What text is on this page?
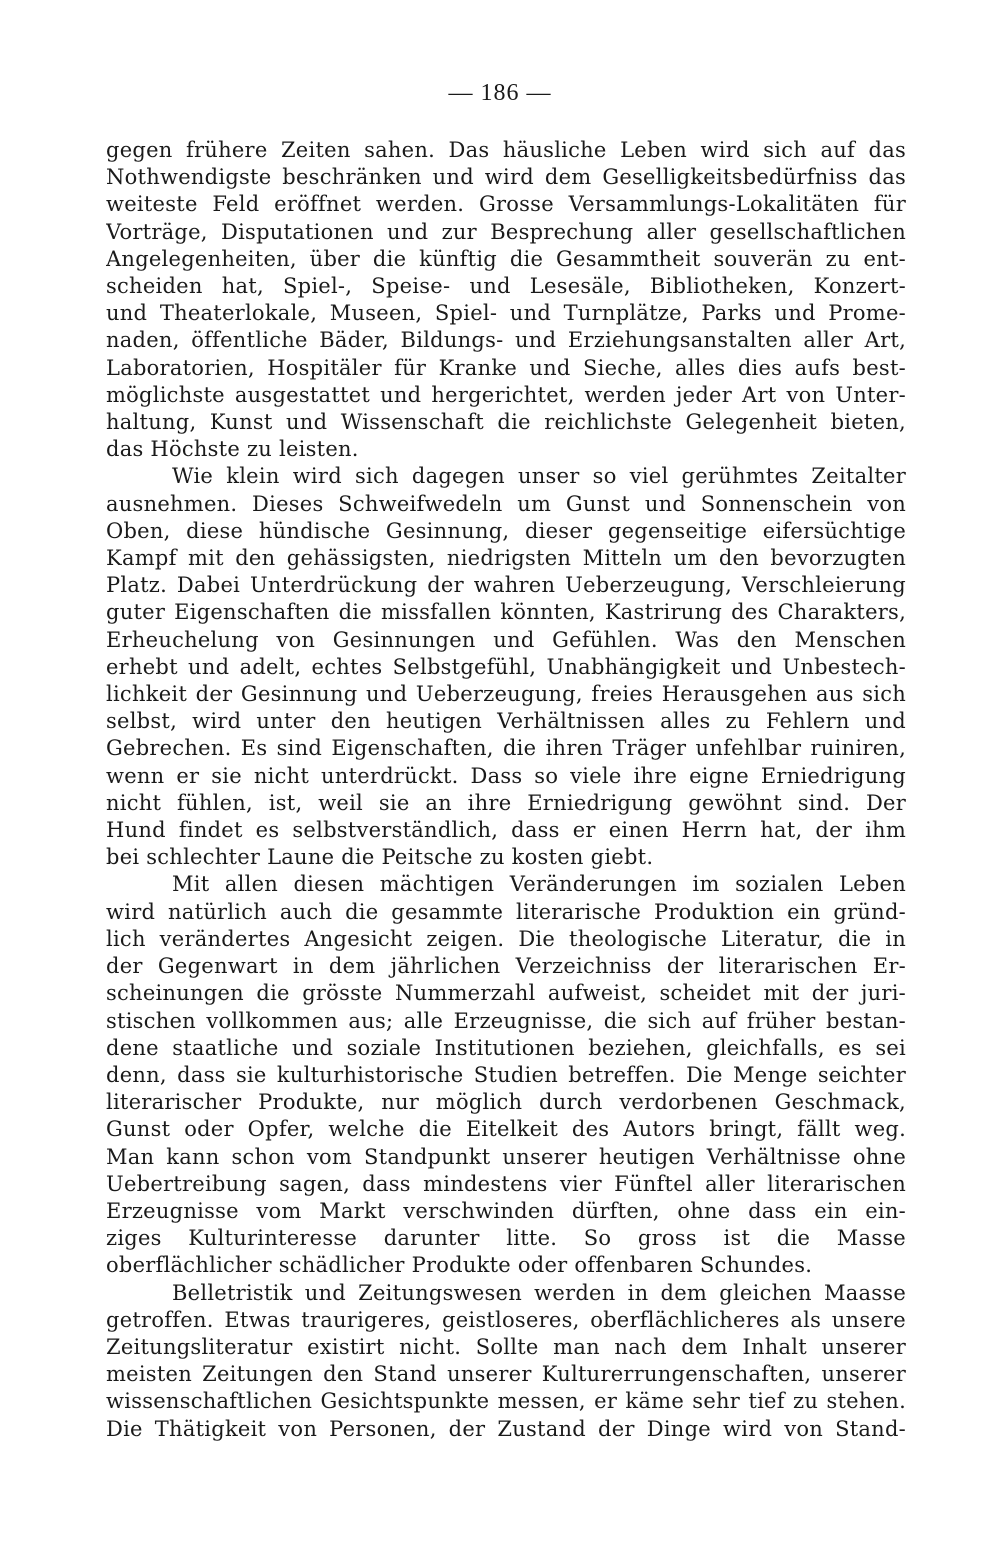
— 186 —
gegen frühere Zeiten sahen. Das häusliche Leben wird sich auf das
Nothwendigste beschränken und wird dem Geselligkeitsbedürfniss das
weiteste Feld eröffnet werden. Grosse Versammlungs-Lokalitäten für
Vorträge, Disputationen und zur Besprechung aller gesellschaftlichen
Angelegenheiten, über die künftig die Gesammtheit souverän zu ent-
scheiden hat, Spiel-, Speise- und Lesesäle, Bibliotheken, Konzert-
und Theaterlokale, Museen, Spiel- und Turnplätze, Parks und Prome-
naden, öffentliche Bäder, Bildungs- und Erziehungsanstalten aller Art,
Laboratorien, Hospitäler für Kranke und Sieche, alles dies aufs best-
möglichste ausgestattet und hergerichtet, werden jeder Art von Unter-
haltung, Kunst und Wissenschaft die reichlichste Gelegenheit bieten,
das Höchste zu leisten.
Wie klein wird sich dagegen unser so viel gerühmtes Zeitalter
ausnehmen. Dieses Schweifwedeln um Gunst und Sonnenschein von
Oben, diese hündische Gesinnung, dieser gegenseitige eifersüchtige
Kampf mit den gehässigsten, niedrigsten Mitteln um den bevorzugten
Platz. Dabei Unterdrückung der wahren Ueberzeugung, Verschleierung
guter Eigenschaften die missfallen könnten, Kastrirung des Charakters,
Erheuchelung von Gesinnungen und Gefühlen. Was den Menschen
erhebt und adelt, echtes Selbstgefühl, Unabhängigkeit und Unbestech-
lichkeit der Gesinnung und Ueberzeugung, freies Herausgehen aus sich
selbst, wird unter den heutigen Verhältnissen alles zu Fehlern und
Gebrechen. Es sind Eigenschaften, die ihren Träger unfehlbar ruiniren,
wenn er sie nicht unterdrückt. Dass so viele ihre eigne Erniedrigung
nicht fühlen, ist, weil sie an ihre Erniedrigung gewöhnt sind. Der
Hund findet es selbstverständlich, dass er einen Herrn hat, der ihm
bei schlechter Laune die Peitsche zu kosten giebt.
Mit allen diesen mächtigen Veränderungen im sozialen Leben
wird natürlich auch die gesammte literarische Produktion ein gründ-
lich verändertes Angesicht zeigen. Die theologische Literatur, die in
der Gegenwart in dem jährlichen Verzeichniss der literarischen Er-
scheinungen die grösste Nummerzahl aufweist, scheidet mit der juri-
stischen vollkommen aus; alle Erzeugnisse, die sich auf früher bestan-
dene staatliche und soziale Institutionen beziehen, gleichfalls, es sei
denn, dass sie kulturhistorische Studien betreffen. Die Menge seichter
literarischer Produkte, nur möglich durch verdorbenen Geschmack,
Gunst oder Opfer, welche die Eitelkeit des Autors bringt, fällt weg.
Man kann schon vom Standpunkt unserer heutigen Verhältnisse ohne
Uebertreibung sagen, dass mindestens vier Fünftel aller literarischen
Erzeugnisse vom Markt verschwinden dürften, ohne dass ein ein-
ziges Kulturinteresse darunter litte. So gross ist die Masse
oberflächlicher schädlicher Produkte oder offenbaren Schundes.
Belletristik und Zeitungswesen werden in dem gleichen Maasse
getroffen. Etwas traurigeres, geistloseres, oberflächlicheres als unsere
Zeitungsliteratur existirt nicht. Sollte man nach dem Inhalt unserer
meisten Zeitungen den Stand unserer Kulturerrungenschaften, unserer
wissenschaftlichen Gesichtspunkte messen, er käme sehr tief zu stehen.
Die Thätigkeit von Personen, der Zustand der Dinge wird von Stand-
